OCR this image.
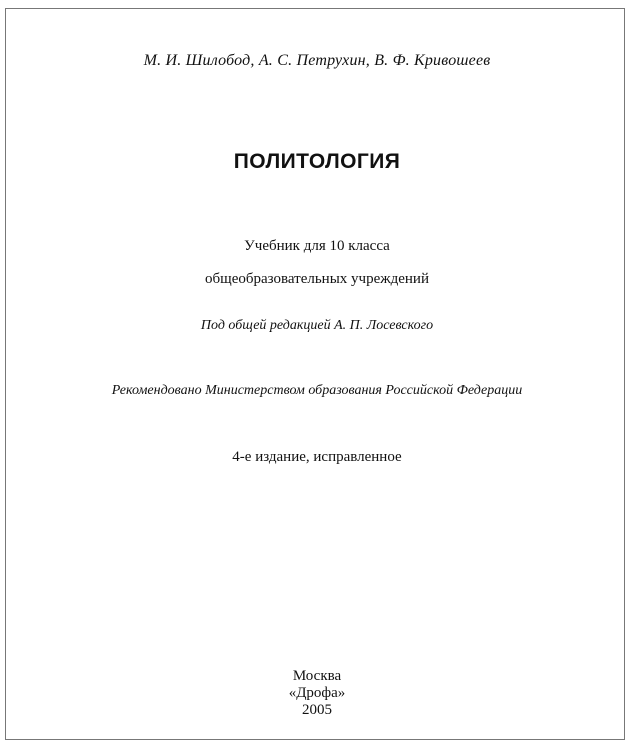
М. И. Шилобод, А. С. Петрухин, В. Ф. Кривошеев
ПОЛИТОЛОГИЯ
Учебник для 10 класса
общеобразовательных учреждений
Под общей редакцией А. П. Лосевского
Рекомендовано Министерством образования Российской Федерации
4-е издание, исправленное
Москва
«Дрофа»
2005
